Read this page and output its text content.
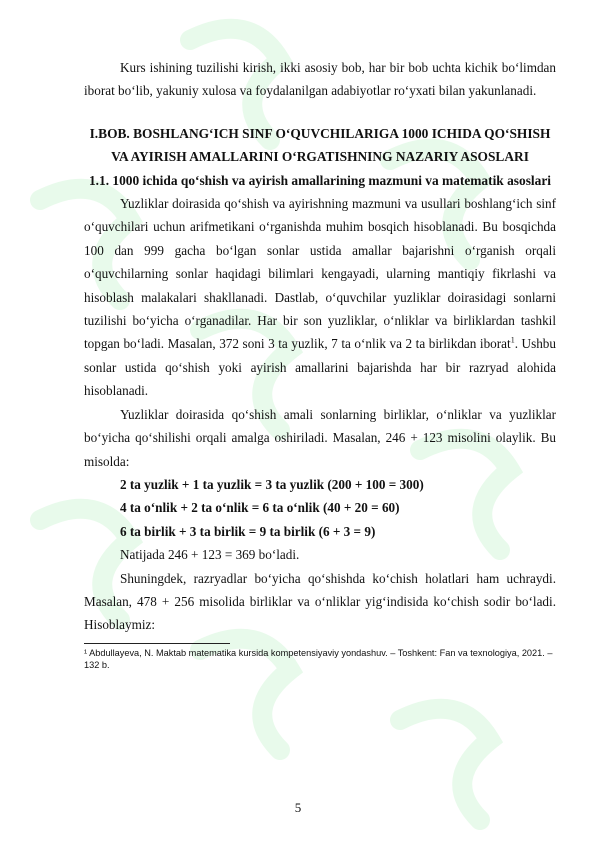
Kurs ishining tuzilishi kirish, ikki asosiy bob, har bir bob uchta kichik bo‘limdan iborat bo‘lib, yakuniy xulosa va foydalanilgan adabiyotlar ro‘yxati bilan yakunlanadi.

I.BOB. BOSHLANG‘ICH SINF O‘QUVCHILARIGA 1000 ICHIDA QO‘SHISH VA AYIRISH AMALLARINI O‘RGATISHNING NAZARIY ASOSLARI

1.1. 1000 ichida qo‘shish va ayirish amallarining mazmuni va matematik asoslari

Yuzliklar doirasida qo‘shish va ayirishning mazmuni va usullari boshlang‘ich sinf o‘quvchilari uchun arifmetikani o‘rganishda muhim bosqich hisoblanadi. Bu bosqichda 100 dan 999 gacha bo‘lgan sonlar ustida amallar bajarishni o‘rganish orqali o‘quvchilarning sonlar haqidagi bilimlari kengayadi, ularning mantiqiy fikrlashi va hisoblash malakalari shakllanadi. Dastlab, o‘quvchilar yuzliklar doirasidagi sonlarni tuzilishi bo‘yicha o‘rganadilar. Har bir son yuzliklar, o‘nliklar va birliklardan tashkil topgan bo‘ladi. Masalan, 372 soni 3 ta yuzlik, 7 ta o‘nlik va 2 ta birlikdan iborat$^1$. Ushbu sonlar ustida qo‘shish yoki ayirish amallarini bajarishda har bir razryad alohida hisoblanadi.

Yuzliklar doirasida qo‘shish amali sonlarning birliklar, o‘nliklar va yuzliklar bo‘yicha qo‘shilishi orqali amalga oshiriladi. Masalan, 246 + 123 misolini olaylik. Bu misolda:

2 ta yuzlik + 1 ta yuzlik = 3 ta yuzlik (200 + 100 = 300)
4 ta o‘nlik + 2 ta o‘nlik = 6 ta o‘nlik (40 + 20 = 60)
6 ta birlik + 3 ta birlik = 9 ta birlik (6 + 3 = 9)
Natijada 246 + 123 = 369 bo‘ladi.

Shuningdek, razryadlar bo‘yicha qo‘shishda ko‘chish holatlari ham uchraydi. Masalan, 478 + 256 misolida birliklar va o‘nliklar yig‘indisida ko‘chish sodir bo‘ladi. Hisoblaymiz:

¹ Abdullayeva, N. Maktab matematika kursida kompetensiyaviy yondashuv. – Toshkent: Fan va texnologiya, 2021. – 132 b.

5
